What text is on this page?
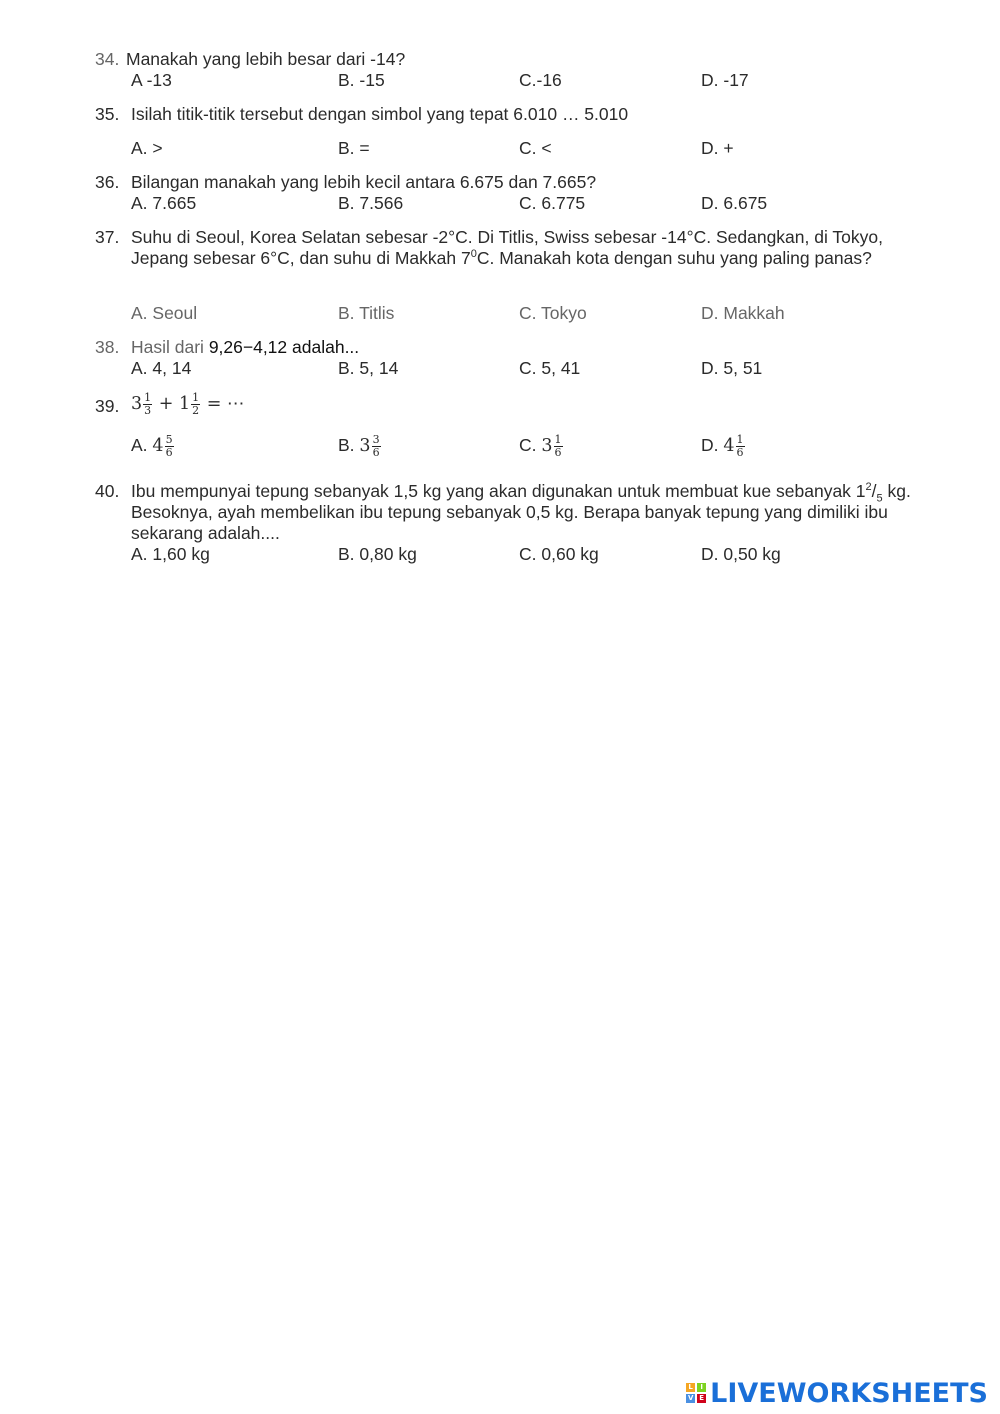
34. Manakah yang lebih besar dari -14?
A -13	B. -15	C.-16	D. -17
35. Isilah titik-titik tersebut dengan simbol yang tepat 6.010 … 5.010
A. >	B. =	C. <	D. +
36. Bilangan manakah yang lebih kecil antara 6.675 dan 7.665?
A. 7.665	B. 7.566	C. 6.775	D. 6.675
37. Suhu di Seoul, Korea Selatan sebesar -2°C. Di Titlis, Swiss sebesar -14°C. Sedangkan, di Tokyo, Jepang sebesar 6°C, dan suhu di Makkah $7^0C$. Manakah kota dengan suhu yang paling panas?
A. Seoul	B. Titlis	C. Tokyo	D. Makkah
38. Hasil dari 9,26−4,12 adalah...
A. 4, 14	B. 5, 14	C. 5, 41	D. 5, 51
39. $3 \frac{1}{3} + 1 \frac{1}{2}$ = ⋯
A. $4 \frac{5}{6}$	B. $3 \frac{3}{6}$	C. $3 \frac{1}{6}$	D. $4 \frac{1}{6}$
40. Ibu mempunyai tepung sebanyak 1,5 kg yang akan digunakan untuk membuat kue sebanyak $1^2/_5$ kg. Besoknya, ayah membelikan ibu tepung sebanyak 0,5 kg. Berapa banyak tepung yang dimiliki ibu sekarang adalah....
A. 1,60 kg	B. 0,80 kg	C. 0,60 kg	D. 0,50 kg
L	I
V E LIVEWORKSHEETS
